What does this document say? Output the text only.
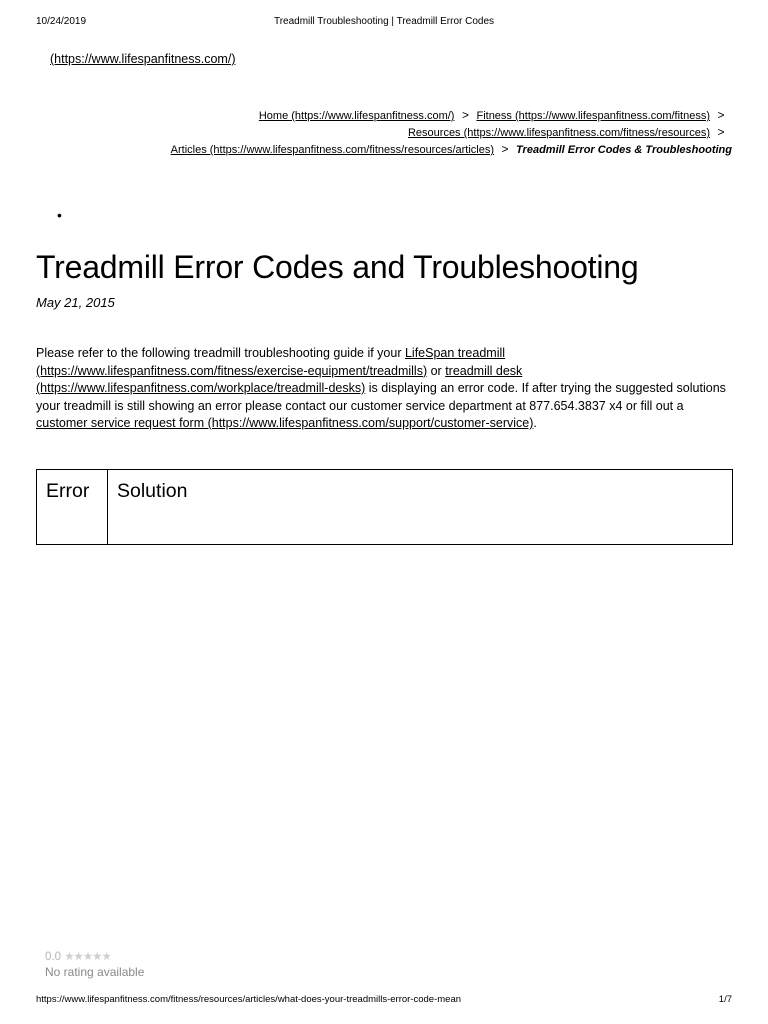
10/24/2019	Treadmill Troubleshooting | Treadmill Error Codes
(https://www.lifespanfitness.com/)
Home (https://www.lifespanfitness.com/) > Fitness (https://www.lifespanfitness.com/fitness) >
Resources (https://www.lifespanfitness.com/fitness/resources) >
Articles (https://www.lifespanfitness.com/fitness/resources/articles) > Treadmill Error Codes & Troubleshooting
•
Treadmill Error Codes and Troubleshooting
May 21, 2015

Please refer to the following treadmill troubleshooting guide if your LifeSpan treadmill
(https://www.lifespanfitness.com/fitness/exercise-equipment/treadmills) or treadmill desk
(https://www.lifespanfitness.com/workplace/treadmill-desks) is displaying an error code. If after trying the suggested solutions your treadmill is still showing an error please contact our customer service department at 877.654.3837 x4 or fill out a customer service request form (https://www.lifespanfitness.com/support/customer-service).

Error	Solution
0.0 ★★★★★
No rating available
https://www.lifespanfitness.com/fitness/resources/articles/what-does-your-treadmills-error-code-mean	1/7
